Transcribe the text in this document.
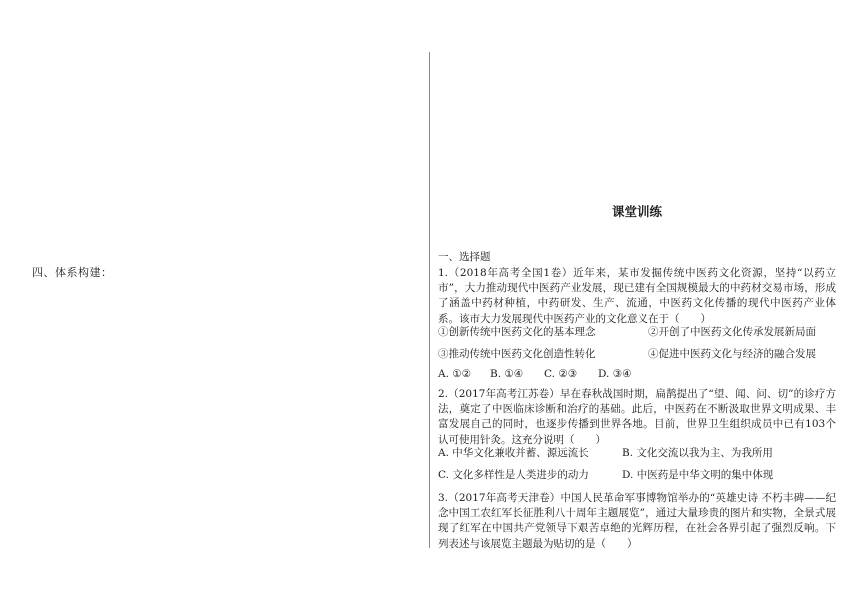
四、体系构建：
课堂训练
一、选择题
1.（2018年高考全国1卷）近年来，某市发掘传统中医药文化资源，坚持“以药立市”，大力推动现代中医药产业发展，现已建有全国规模最大的中药材交易市场，形成了涵盖中药材种植，中药研发、生产、流通，中医药文化传播的现代中医药产业体系。该市大力发展现代中医药产业的文化意义在于（　　）
①创新传统中医药文化的基本理念	②开创了中医药文化传承发展新局面
③推动传统中医药文化创造性转化	④促进中医药文化与经济的融合发展
A. ①② B. ①④ C. ②③ D. ③④
2.（2017年高考江苏卷）早在春秋战国时期，扁鹊提出了“望、闻、问、切”的诊疗方法，奠定了中医临床诊断和治疗的基础。此后，中医药在不断汲取世界文明成果、丰富发展自己的同时，也逐步传播到世界各地。目前，世界卫生组织成员中已有103个认可使用针灸。这充分说明（　　）
A. 中华文化兼收并蓄、源远流长	B. 文化交流以我为主、为我所用
C. 文化多样性是人类进步的动力	D. 中医药是中华文明的集中体现
3.（2017年高考天津卷）中国人民革命军事博物馆举办的“英雄史诗 不朽丰碑——纪念中国工农红军长征胜利八十周年主题展览”，通过大量珍贵的图片和实物，全景式展现了红军在中国共产党领导下艰苦卓绝的光辉历程，在社会各界引起了强烈反响。下列表述与该展览主题最为贴切的是（　　）
